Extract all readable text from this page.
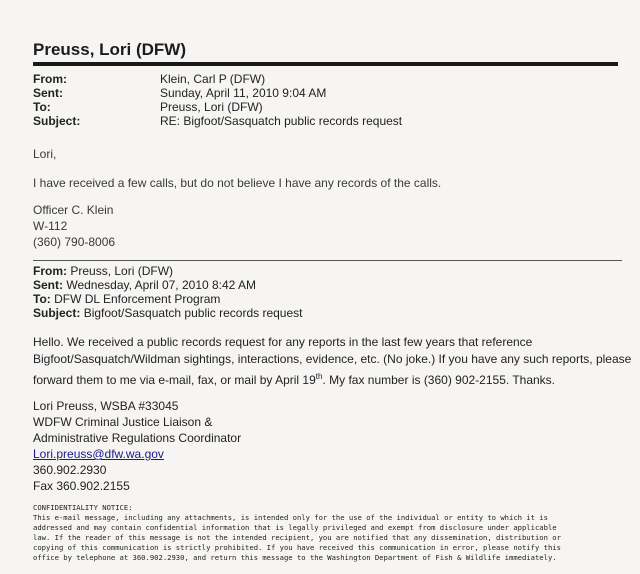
Preuss, Lori (DFW)
From:	Klein, Carl P (DFW)
Sent:	Sunday, April 11, 2010 9:04 AM
To:	Preuss, Lori (DFW)
Subject:	RE: Bigfoot/Sasquatch public records request
Lori,
I have received a few calls, but do not believe I have any records of the calls.
Officer C. Klein
W-112
(360) 790-8006
From: Preuss, Lori (DFW)
Sent: Wednesday, April 07, 2010 8:42 AM
To: DFW DL Enforcement Program
Subject: Bigfoot/Sasquatch public records request
Hello. We received a public records request for any reports in the last few years that reference
Bigfoot/Sasquatch/Wildman sightings, interactions, evidence, etc. (No joke.) If you have any such reports, please
forward them to me via e-mail, fax, or mail by April 19th. My fax number is (360) 902-2155. Thanks.
Lori Preuss, WSBA #33045
WDFW Criminal Justice Liaison &
Administrative Regulations Coordinator
Lori.preuss@dfw.wa.gov
360.902.2930
Fax 360.902.2155
CONFIDENTIALITY NOTICE:
This e-mail message, including any attachments, is intended only for the use of the individual or entity to which it is
addressed and may contain confidential information that is legally privileged and exempt from disclosure under applicable
law. If the reader of this message is not the intended recipient, you are notified that any dissemination, distribution or
copying of this communication is strictly prohibited. If you have received this communication in error, please notify this
office by telephone at 360.902.2930, and return this message to the Washington Department of Fish & Wildlife immediately.
